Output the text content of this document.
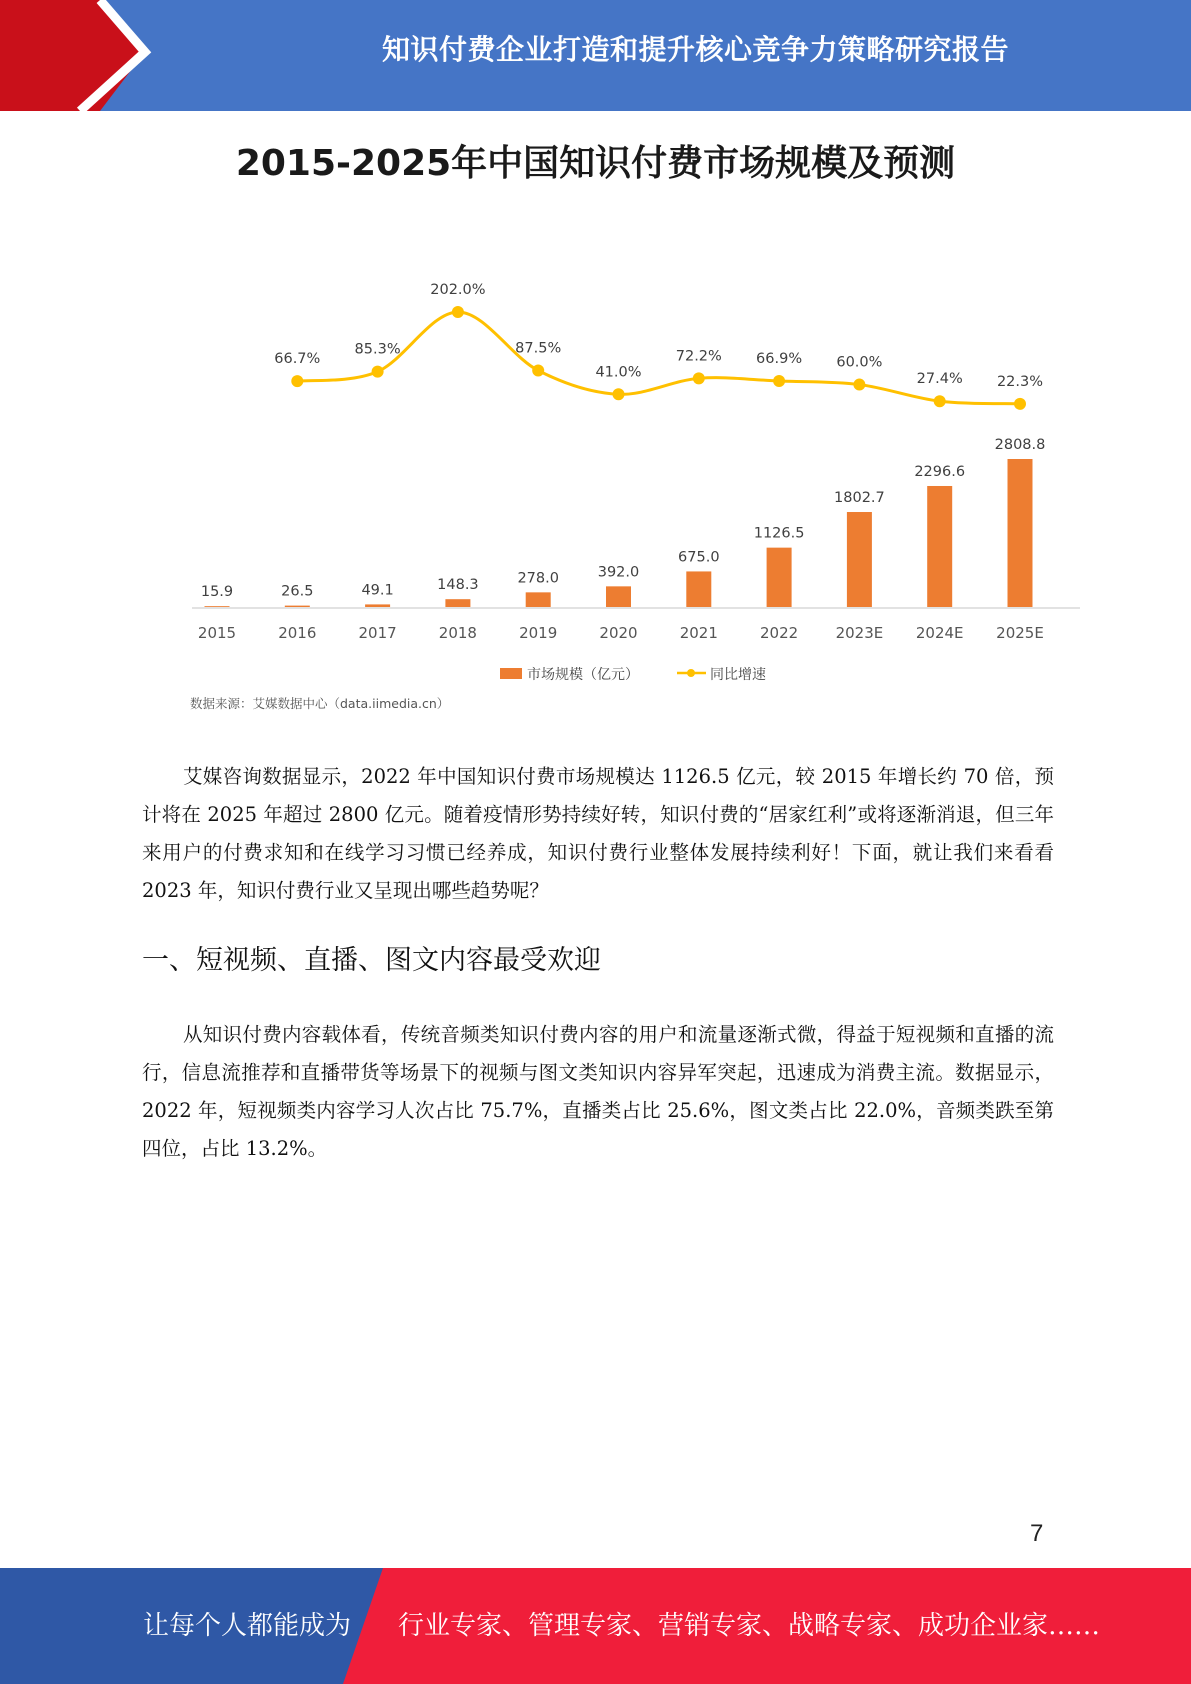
知识付费企业打造和提升核心竞争力策略研究报告
2015-2025年中国知识付费市场规模及预测
15.9	26.5	49.1	148.3	278.0	392.0
675.0
1126.5
1802.7
2296.6
2808.8
66.7%
85.3%
202.0%
87.5%
41.0%
72.2% 66.9% 60.0%
27.4% 22.3%
2015	2016	2017	2018	2019	2020	2021	2022 2023E 2024E 2025E
市场规模（亿元）	同比增速
数据来源：艾媒数据中心（data.iimedia.cn）

艾媒咨询数据显示，2022 年中国知识付费市场规模达 1126.5 亿元，较 2015 年增长约 70 倍，预计将在 2025 年超过 2800 亿元。随着疫情形势持续好转，知识付费的“居家红利”或将逐渐消退，但三年来用户的付费求知和在线学习习惯已经养成，知识付费行业整体发展持续利好！下面，就让我们来看看 2023 年，知识付费行业又呈现出哪些趋势呢？

一、短视频、直播、图文内容最受欢迎

从知识付费内容载体看，传统音频类知识付费内容的用户和流量逐渐式微，得益于短视频和直播的流行，信息流推荐和直播带货等场景下的视频与图文类知识内容异军突起，迅速成为消费主流。数据显示，2022 年，短视频类内容学习人次占比 75.7%，直播类占比 25.6%，图文类占比 22.0%，音频类跌至第四位，占比 13.2%。

7
让每个人都能成为 行业专家、管理专家、营销专家、战略专家、成功企业家……
